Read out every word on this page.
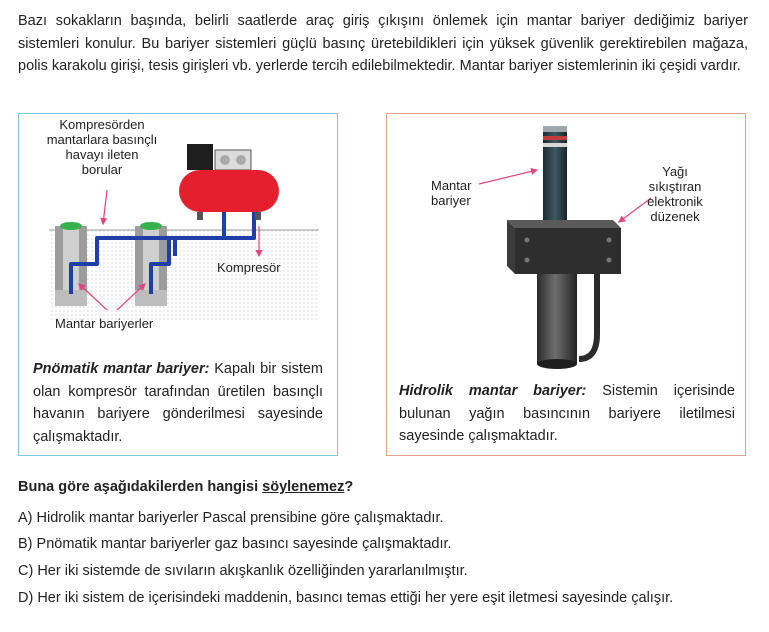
Bazı sokakların başında, belirli saatlerde araç giriş çıkışını önlemek için mantar bariyer dediğimiz bariyer sistemleri konulur. Bu bariyer sistemleri güçlü basınç üretebildikleri için yüksek güvenlik gerektirebilen mağaza, polis karakolu girişi, tesis girişleri vb. yerlerde tercih edilebilmektedir. Mantar bariyer sistemlerinin iki çeşidi vardır.

Kompresörden
mantarlara basınçlı
havayı ileten
borular
Kompresör
Mantar bariyerler

Pnömatik mantar bariyer: Kapalı bir sistem olan kompresör tarafından üretilen basınçlı havanın bariyere gönderilmesi sayesinde çalışmaktadır.

Mantar
bariyer
Yağı
sıkıştıran
elektronik
düzenek

Hidrolik mantar bariyer: Sistemin içerisinde bulunan yağın basıncının bariyere iletilmesi sayesinde çalışmaktadır.

Buna göre aşağıdakilerden hangisi söylenemez?

A) Hidrolik mantar bariyerler Pascal prensibine göre çalışmaktadır.

B) Pnömatik mantar bariyerler gaz basıncı sayesinde çalışmaktadır.

C) Her iki sistemde de sıvıların akışkanlık özelliğinden yararlanılmıştır.

D) Her iki sistem de içerisindeki maddenin, basıncı temas ettiği her yere eşit iletmesi sayesinde çalışır.
